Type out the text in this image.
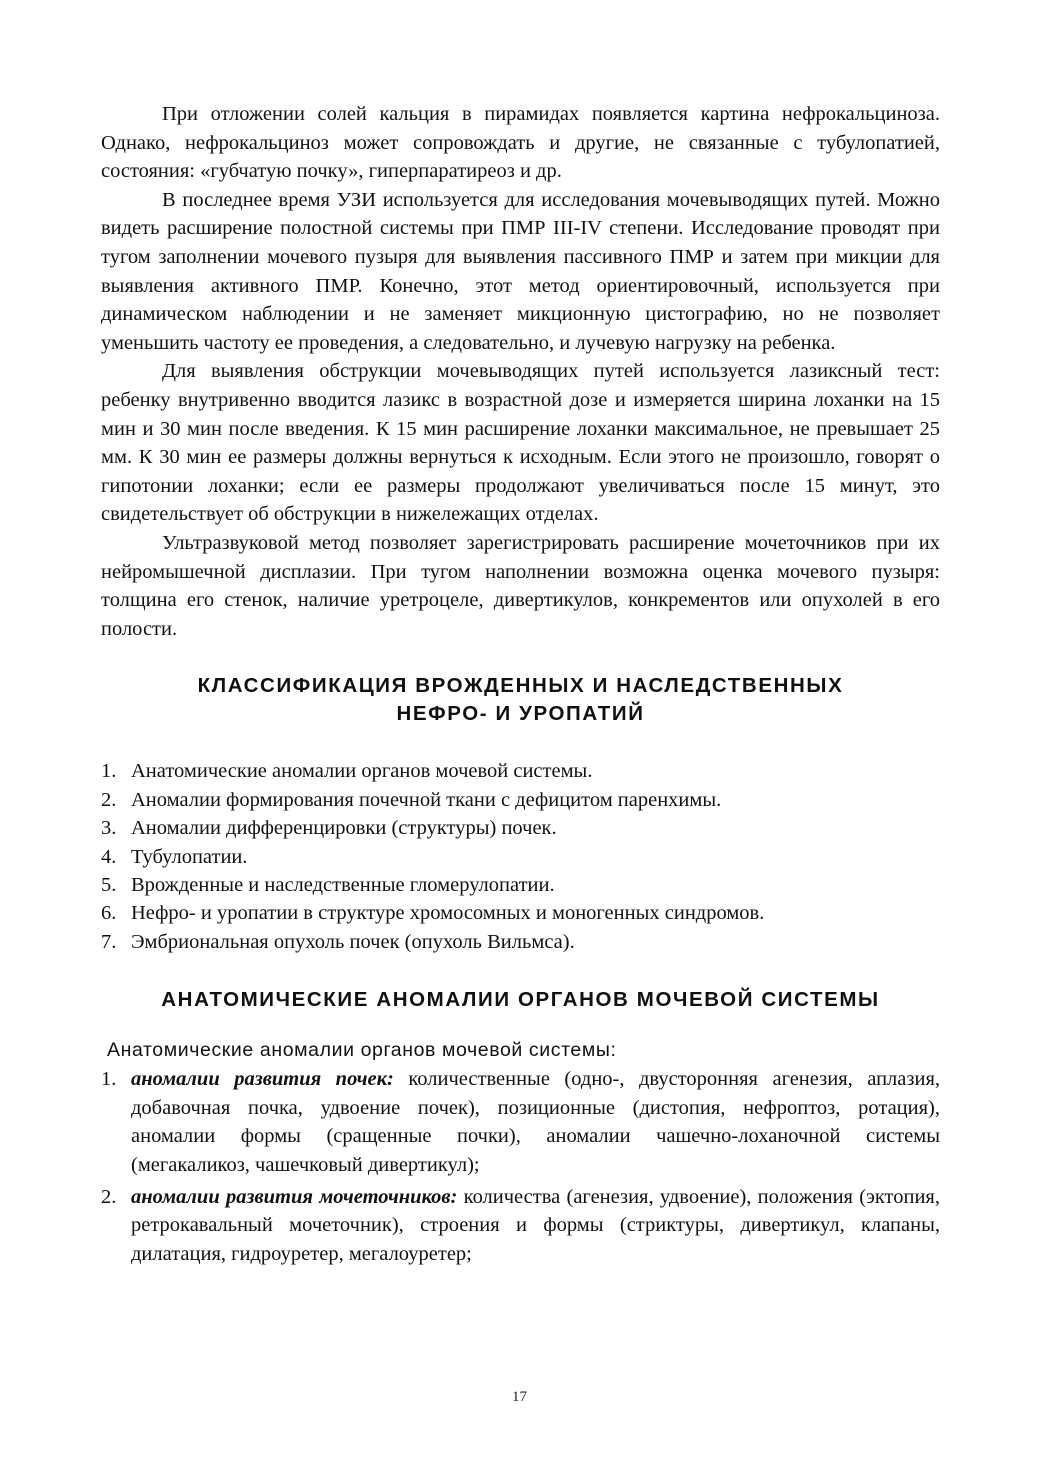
При отложении солей кальция в пирамидах появляется картина нефрокальциноза. Однако, нефрокальциноз может сопровождать и другие, не связанные с тубулопатией, состояния: «губчатую почку», гиперпаратиреоз и др.

В последнее время УЗИ используется для исследования мочевыводящих путей. Можно видеть расширение полостной системы при ПМР III-IV степени. Исследование проводят при тугом заполнении мочевого пузыря для выявления пассивного ПМР и затем при микции для выявления активного ПМР. Конечно, этот метод ориентировочный, используется при динамическом наблюдении и не заменяет микционную цистографию, но не позволяет уменьшить частоту ее проведения, а следовательно, и лучевую нагрузку на ребенка.

Для выявления обструкции мочевыводящих путей используется лазиксный тест: ребенку внутривенно вводится лазикс в возрастной дозе и измеряется ширина лоханки на 15 мин и 30 мин после введения. К 15 мин расширение лоханки максимальное, не превышает 25 мм. К 30 мин ее размеры должны вернуться к исходным. Если этого не произошло, говорят о гипотонии лоханки; если ее размеры продолжают увеличиваться после 15 минут, это свидетельствует об обструкции в нижележащих отделах.

Ультразвуковой метод позволяет зарегистрировать расширение мочеточников при их нейромышечной дисплазии. При тугом наполнении возможна оценка мочевого пузыря: толщина его стенок, наличие уретроцеле, дивертикулов, конкрементов или опухолей в его полости.

КЛАССИФИКАЦИЯ ВРОЖДЕННЫХ И НАСЛЕДСТВЕННЫХ
НЕФРО- И УРОПАТИЙ
1. Анатомические аномалии органов мочевой системы.
2. Аномалии формирования почечной ткани с дефицитом паренхимы.
3. Аномалии дифференцировки (структуры) почек.
4. Тубулопатии.
5. Врожденные и наследственные гломерулопатии.
6. Нефро- и уропатии в структуре хромосомных и моногенных синдромов.
7. Эмбриональная опухоль почек (опухоль Вильмса).
АНАТОМИЧЕСКИЕ АНОМАЛИИ ОРГАНОВ МОЧЕВОЙ СИСТЕМЫ

Анатомические аномалии органов мочевой системы:

1. аномалии развития почек: количественные (одно-, двусторонняя агенезия, аплазия, добавочная почка, удвоение почек), позиционные (дистопия, нефроптоз, ротация), аномалии формы (сращенные почки), аномалии чашечно-лоханочной системы (мегакаликоз, чашечковый дивертикул);
2. аномалии развития мочеточников: количества (агенезия, удвоение), положения (эктопия, ретрокавальный мочеточник), строения и формы (стриктуры, дивертикул, клапаны, дилатация, гидроуретер, мегалоуретер;
17
